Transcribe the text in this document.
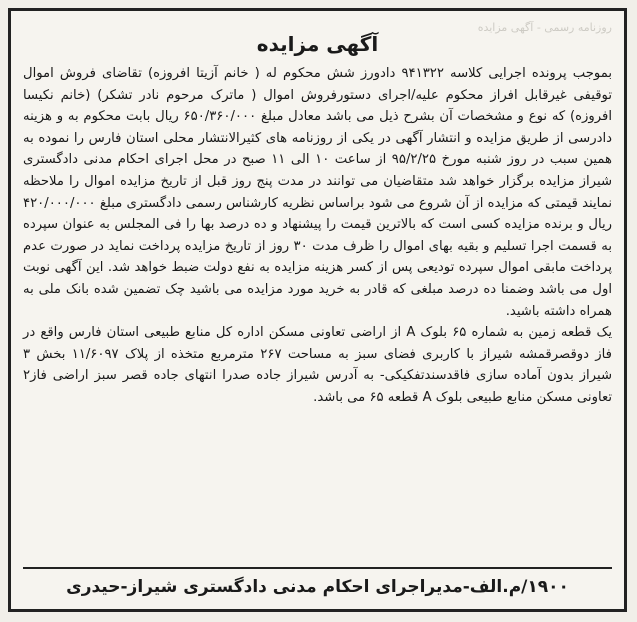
روزنامه رسمی - آگهی مزایده
آگهی مزایده

بموجب پرونده اجرایی کلاسه ۹۴۱۳۲۲ دادورز شش محکوم له ( خانم آزیتا افروزه) تقاضای فروش اموال توقیفی غیرقابل افراز محکوم علیه/اجرای دستورفروش اموال ( ماترک مرحوم نادر تشکر) (خانم نکیسا افروزه) که نوع و مشخصات آن بشرح ذیل می باشد معادل مبلغ ۶۵۰/۳۶۰/۰۰۰ ریال بابت محکوم به و هزینه دادرسی از طریق مزایده و انتشار آگهی در یکی از روزنامه های کثیرالانتشار محلی استان فارس را نموده به همین سبب در روز شنبه مورخ ۹۵/۲/۲۵ از ساعت ۱۰ الی ۱۱ صبح در محل اجرای احکام مدنی دادگستری شیراز مزایده برگزار خواهد شد متقاضیان می توانند در مدت پنج روز قبل از تاریخ مزایده اموال را ملاحظه نمایند قیمتی که مزایده از آن شروع می شود براساس نظریه کارشناس رسمی دادگستری مبلغ ۴۲۰/۰۰۰/۰۰۰ ریال و برنده مزایده کسی است که بالاترین قیمت را پیشنهاد و ده درصد بها را فی المجلس به عنوان سپرده به قسمت اجرا تسلیم و بقیه بهای اموال را ظرف مدت ۳۰ روز از تاریخ مزایده پرداخت نماید در صورت عدم پرداخت مابقی اموال سپرده تودیعی پس از کسر هزینه مزایده به نفع دولت ضبط خواهد شد. این آگهی نوبت اول می باشد وضمنا ده درصد مبلغی که قادر به خرید مورد مزایده می باشید چک تضمین شده بانک ملی به همراه داشته باشید.

یک قطعه زمین به شماره ۶۵ بلوک A از اراضی تعاونی مسکن اداره کل منابع طبیعی استان فارس واقع در فاز دوقصرقمشه شیراز با کاربری فضای سبز به مساحت ۲۶۷ مترمربع متخذه از پلاک ۱۱/۶۰۹۷ بخش ۳ شیراز بدون آماده سازی فاقدسندتفکیکی- به آدرس شیراز جاده صدرا انتهای جاده قصر سبز اراضی فاز۲ تعاونی مسکن منابع طبیعی بلوک A قطعه ۶۵ می باشد.

۱۹۰۰/م.الف-مدیراجرای احکام مدنی دادگستری شیراز-حیدری
